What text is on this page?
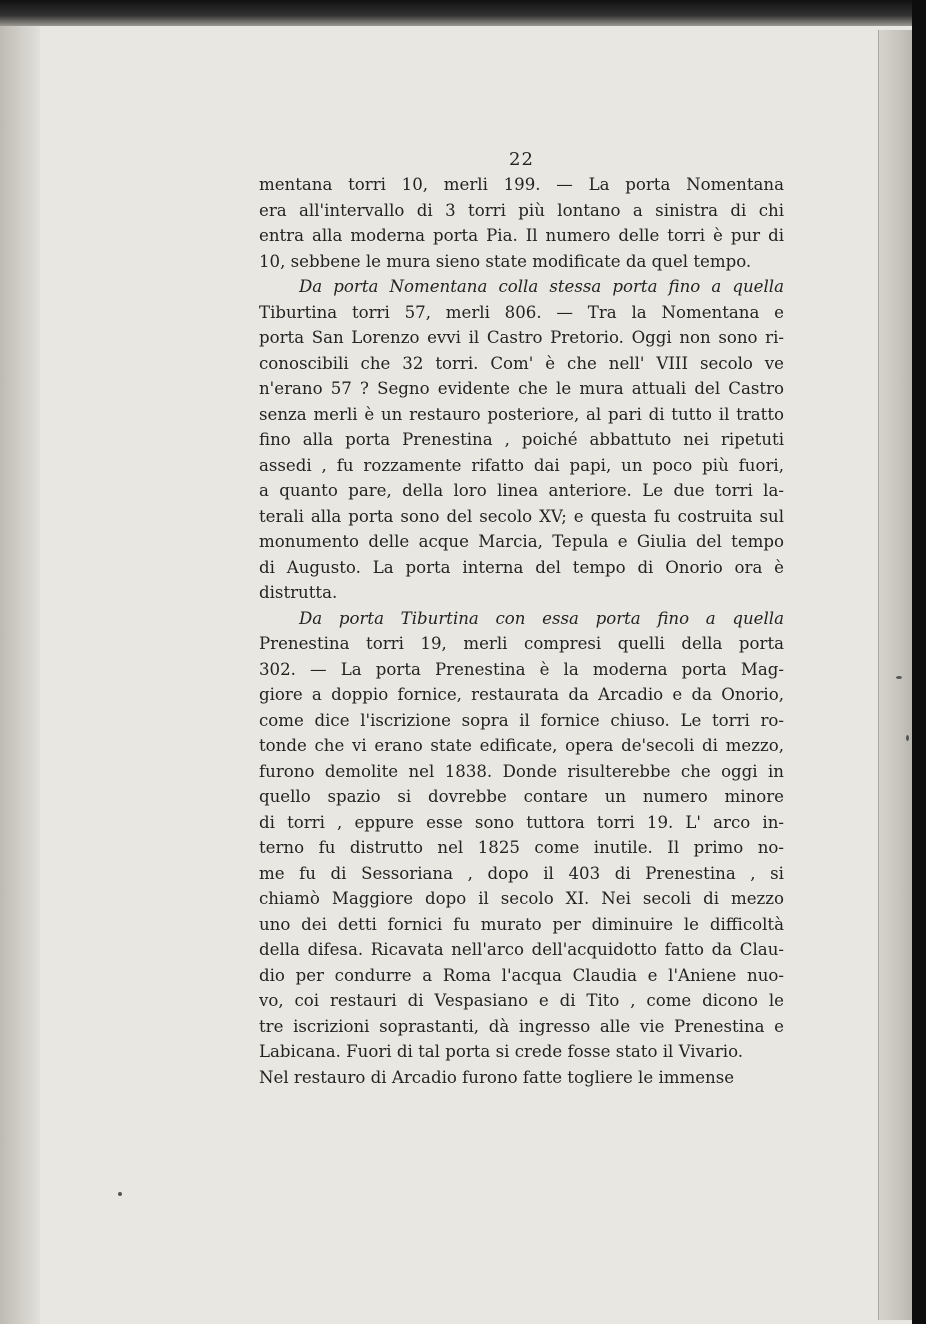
22
mentana torri 10, merli 199. — La porta Nomentana
era all'intervallo di 3 torri più lontano a sinistra di chi
entra alla moderna porta Pia. Il numero delle torri è pur di
10, sebbene le mura sieno state modificate da quel tempo.
Da porta Nomentana colla stessa porta fino a quella
Tiburtina torri 57, merli 806. — Tra la Nomentana e
porta San Lorenzo evvi il Castro Pretorio. Oggi non sono ri-
conoscibili che 32 torri. Com' è che nell' VIII secolo ve
n'erano 57 ? Segno evidente che le mura attuali del Castro
senza merli è un restauro posteriore, al pari di tutto il tratto
fino alla porta Prenestina , poiché abbattuto nei ripetuti
assedi , fu rozzamente rifatto dai papi, un poco più fuori,
a quanto pare, della loro linea anteriore. Le due torri la-
terali alla porta sono del secolo XV; e questa fu costruita sul
monumento delle acque Marcia, Tepula e Giulia del tempo
di Augusto. La porta interna del tempo di Onorio ora è
distrutta.
Da porta Tiburtina con essa porta fino a quella
Prenestina torri 19, merli compresi quelli della porta
302. — La porta Prenestina è la moderna porta Mag-
giore a doppio fornice, restaurata da Arcadio e da Onorio,
come dice l'iscrizione sopra il fornice chiuso. Le torri ro-
tonde che vi erano state edificate, opera de'secoli di mezzo,
furono demolite nel 1838. Donde risulterebbe che oggi in
quello spazio si dovrebbe contare un numero minore
di torri , eppure esse sono tuttora torri 19. L' arco in-
terno fu distrutto nel 1825 come inutile. Il primo no-
me fu di Sessoriana , dopo il 403 di Prenestina , si
chiamò Maggiore dopo il secolo XI. Nei secoli di mezzo
uno dei detti fornici fu murato per diminuire le difficoltà
della difesa. Ricavata nell'arco dell'acquidotto fatto da Clau-
dio per condurre a Roma l'acqua Claudia e l'Aniene nuo-
vo, coi restauri di Vespasiano e di Tito , come dicono le
tre iscrizioni soprastanti, dà ingresso alle vie Prenestina e
Labicana. Fuori di tal porta si crede fosse stato il Vivario.
Nel restauro di Arcadio furono fatte togliere le immense
